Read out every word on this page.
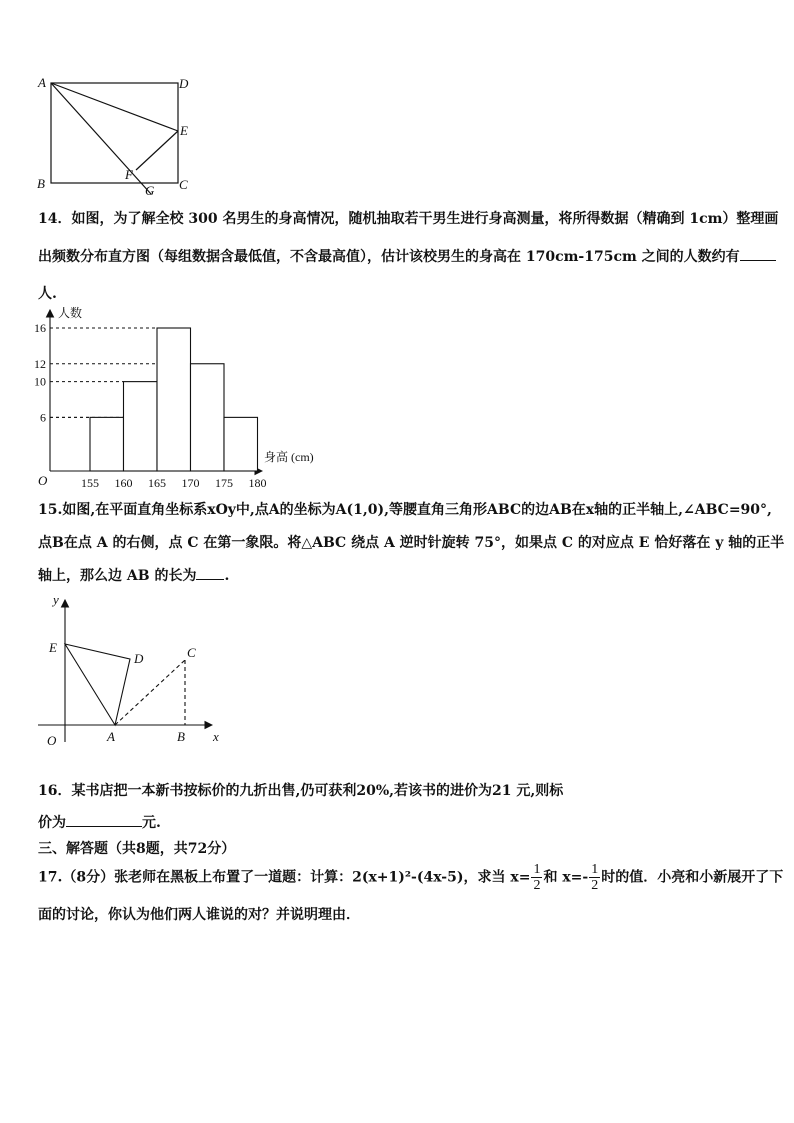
A	D
E
B
F
G C
14．如图，为了解全校 300 名男生的身高情况，随机抽取若干男生进行身高测量，将所得数据（精确到 1cm）整理画
出频数分布直方图（每组数据含最低值，不含最高值），估计该校男生的身高在 170cm-175cm 之间的人数约有
人.
6
10
12
16
155 160 165 170 175 180
O
人数
身高 (cm)
15.如图,在平面直角坐标系xOy中,点A的坐标为A(1,0),等腰直角三角形ABC的边AB在x轴的正半轴上,∠ABC=90°,
点B在点 A 的右侧，点 C 在第一象限。将△ABC 绕点 A 逆时针旋转 75°，如果点 C 的对应点 E 恰好落在 y 轴的正半
轴上，那么边 AB 的长为 .
y
x
O
E
D	C
A	B
16．某书店把一本新书按标价的九折出售,仍可获利20%,若该书的进价为21 元,则标
价为	元.
三、解答题（共8题，共72分）
17.（8分）张老师在黑板上布置了一道题：计算：2(x+1)²-(4x-5)，求当 $x= \frac{1}{2}$ 和 $x=- \frac{1}{2}$ 时的值．小亮和小新展开了下
面的讨论，你认为他们两人谁说的对？并说明理由．
